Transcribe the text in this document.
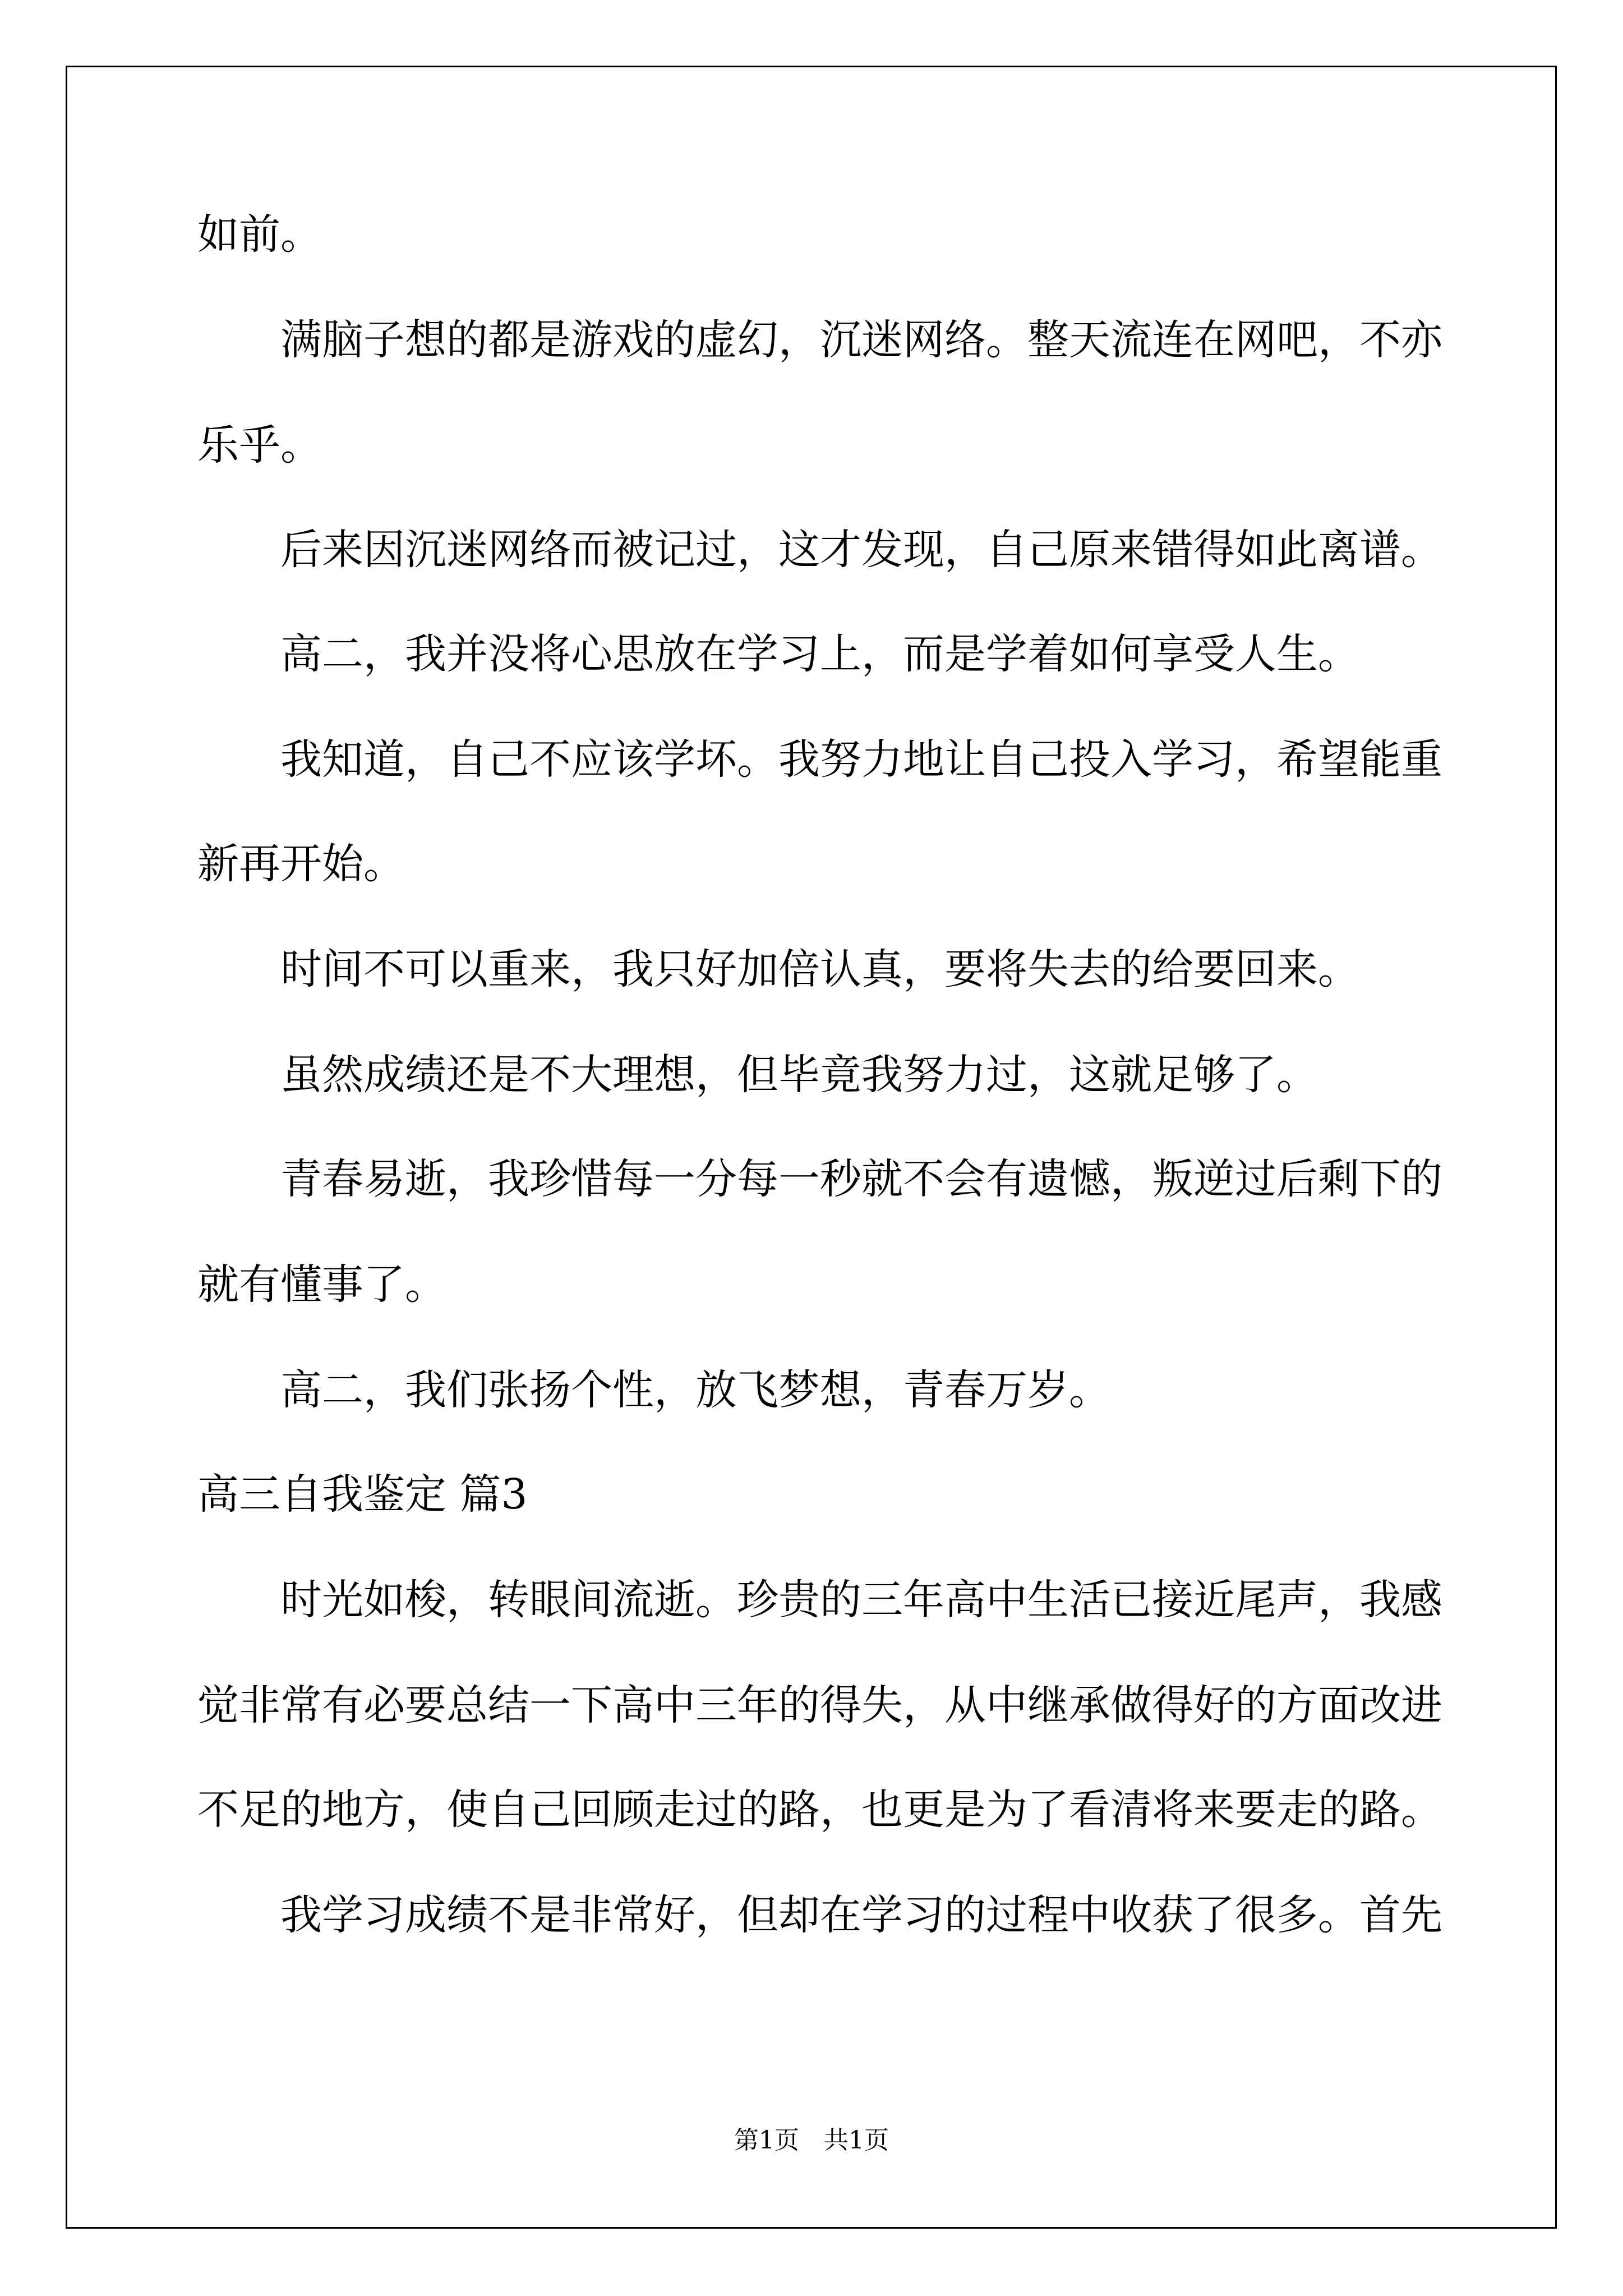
如前。
满脑子想的都是游戏的虚幻，沉迷网络。整天流连在网吧，不亦
乐乎。
后来因沉迷网络而被记过，这才发现，自己原来错得如此离谱。
高二，我并没将心思放在学习上，而是学着如何享受人生。
我知道，自己不应该学坏。我努力地让自己投入学习，希望能重
新再开始。
时间不可以重来，我只好加倍认真，要将失去的给要回来。
虽然成绩还是不大理想，但毕竟我努力过，这就足够了。
青春易逝，我珍惜每一分每一秒就不会有遗憾，叛逆过后剩下的
就有懂事了。
高二，我们张扬个性，放飞梦想，青春万岁。
高三自我鉴定 篇3
时光如梭，转眼间流逝。珍贵的三年高中生活已接近尾声，我感
觉非常有必要总结一下高中三年的得失，从中继承做得好的方面改进
不足的地方，使自己回顾走过的路，也更是为了看清将来要走的路。
我学习成绩不是非常好，但却在学习的过程中收获了很多。首先
第1页　共1页
